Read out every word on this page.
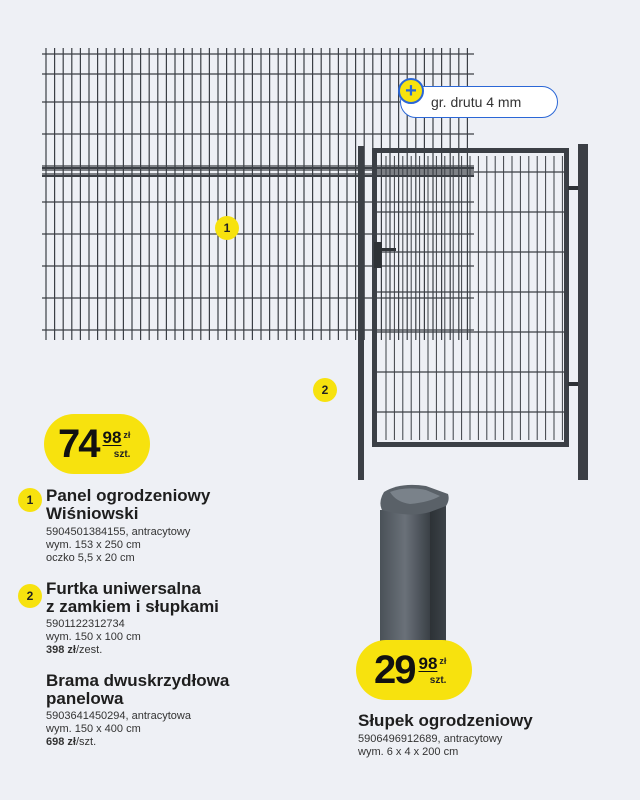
gr. drutu 4 mm
+
1
2
74 98 zł
szt.
29 98 zł
szt.
1 Panel ogrodzeniowy
Wiśniowski
5904501384155, antracytowy
wym. 153 x 250 cm
oczko 5,5 x 20 cm
2 Furtka uniwersalna
z zamkiem i słupkami
5901122312734
wym. 150 x 100 cm
398 zł/zest.
Brama dwuskrzydłowa
panelowa
5903641450294, antracytowa
wym. 150 x 400 cm
698 zł/szt.
Słupek ogrodzeniowy
5906496912689, antracytowy
wym. 6 x 4 x 200 cm
